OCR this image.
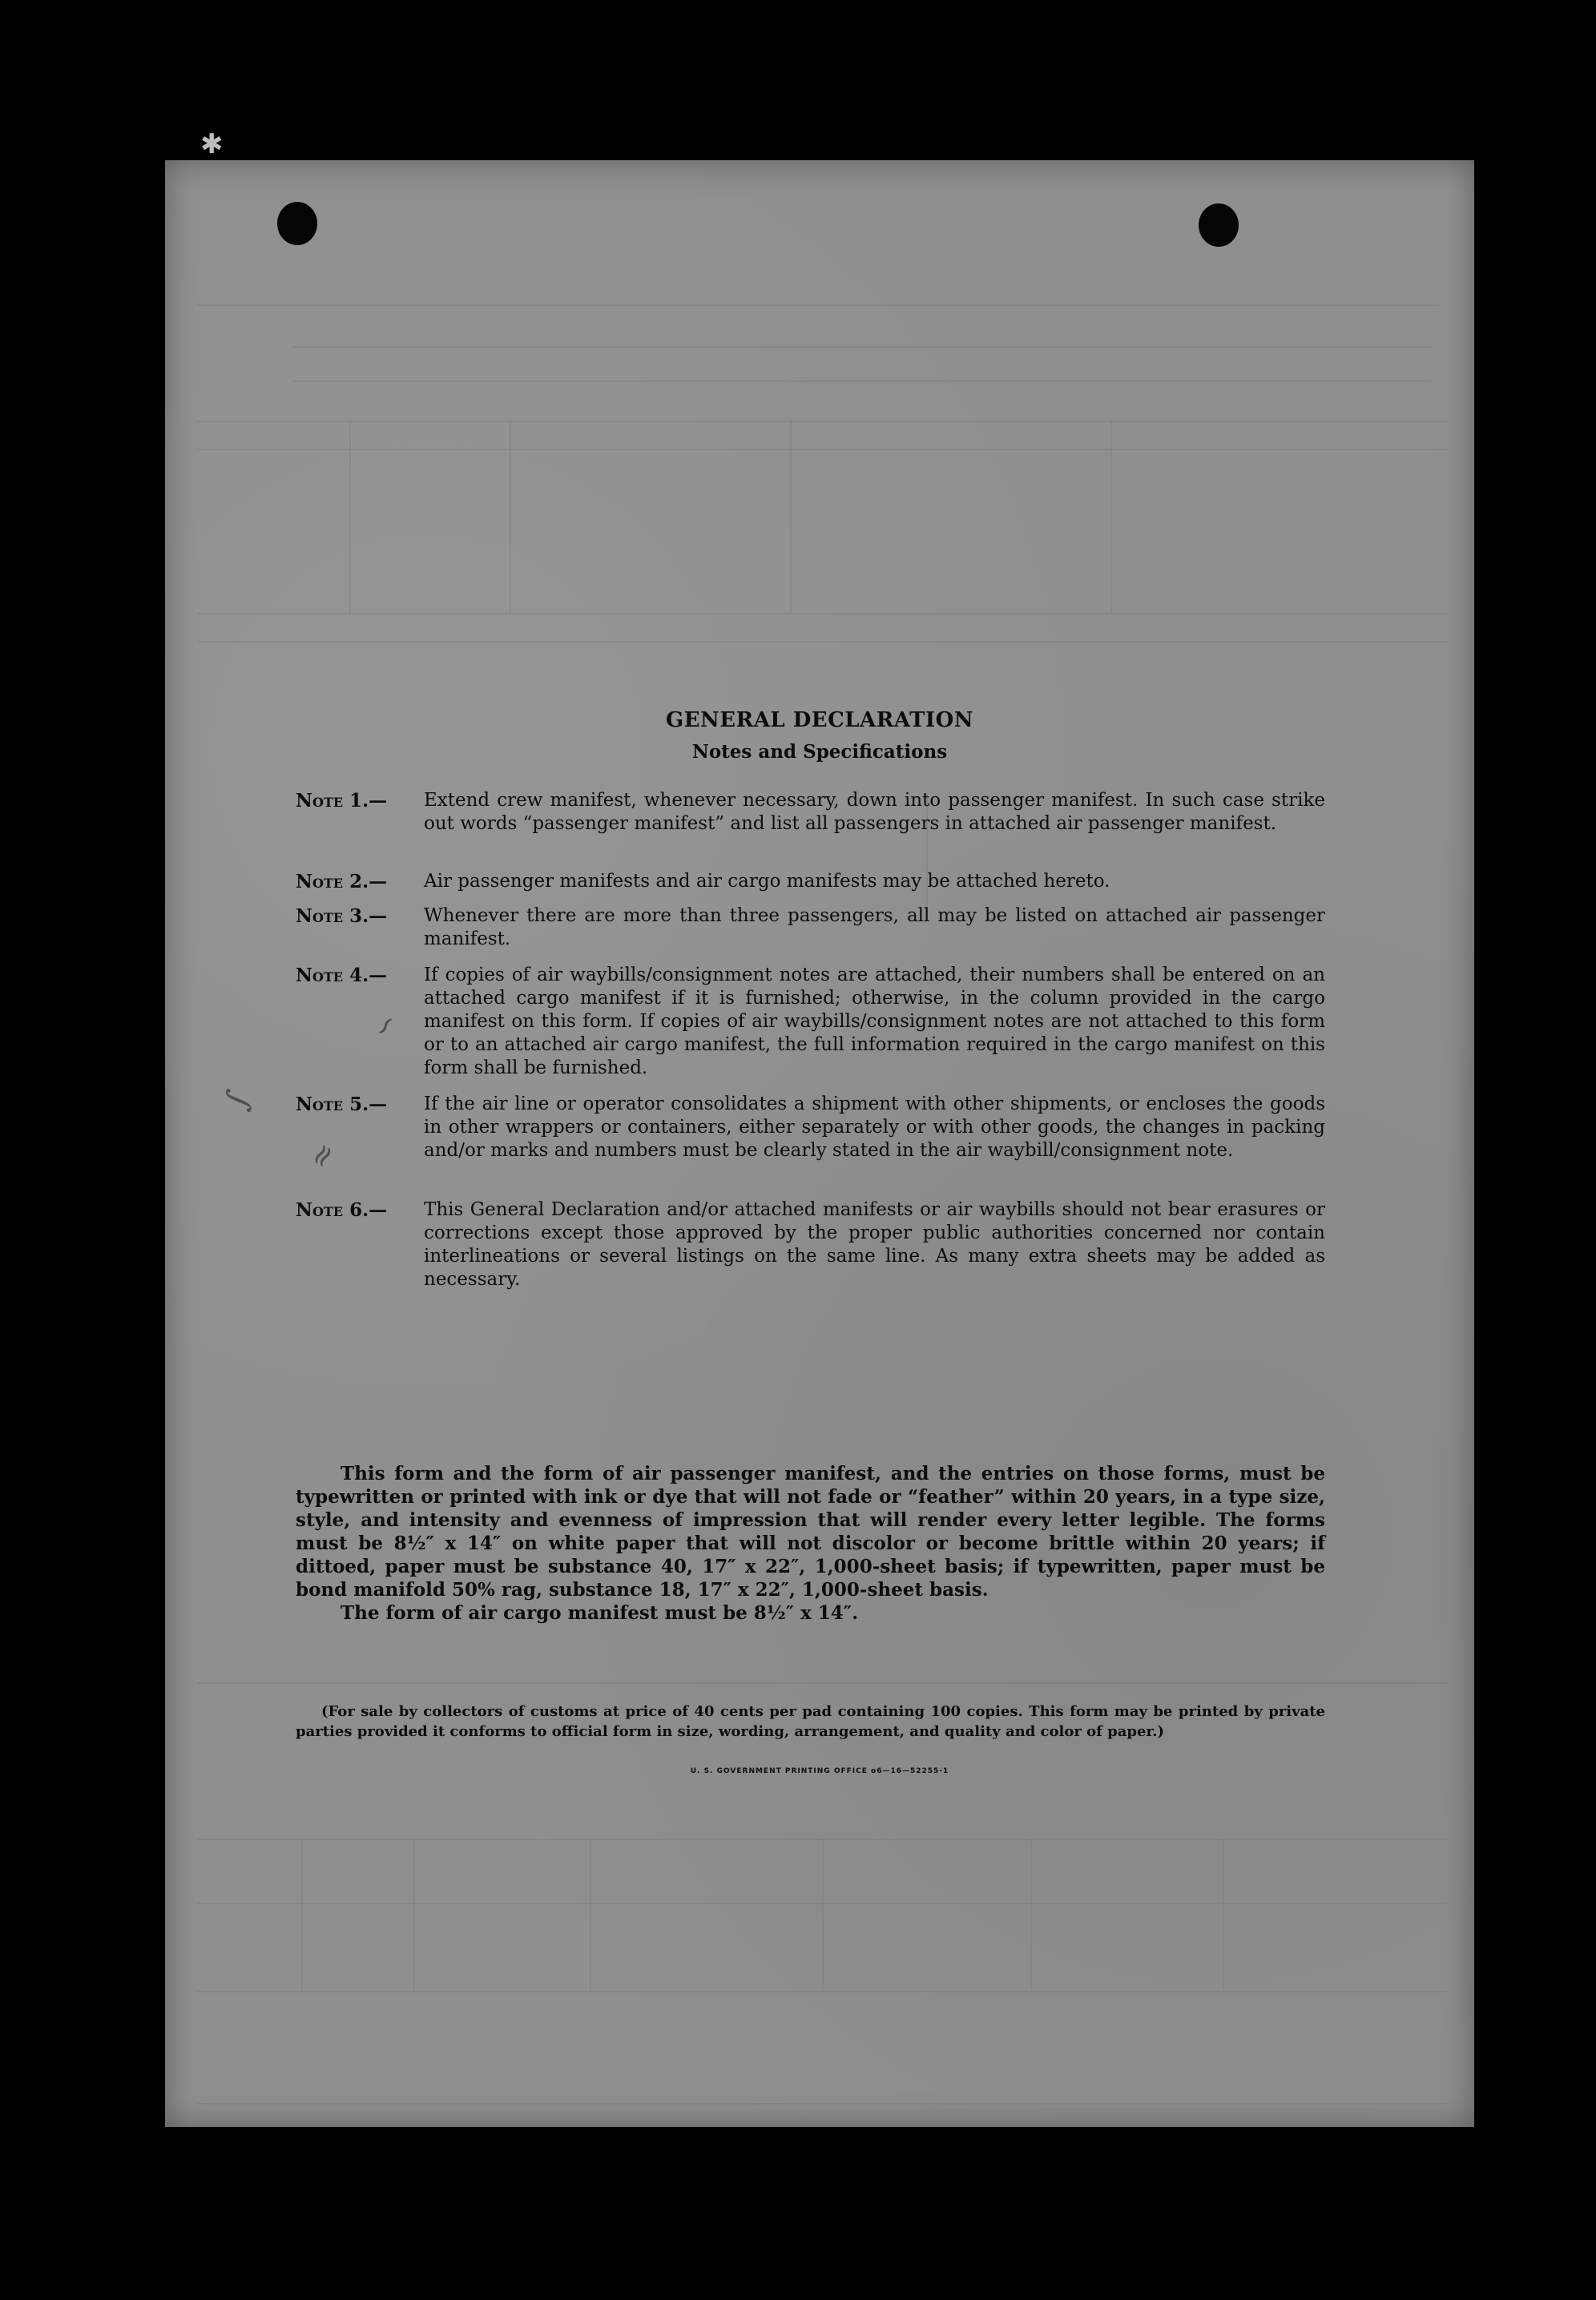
✱
GENERAL DECLARATION
Notes and Specifications
Note 1.—	Extend crew manifest, whenever necessary, down into passenger manifest. In such case strike out words “passenger manifest” and list all passengers in attached air passenger manifest.
Note 2.—	Air passenger manifests and air cargo manifests may be attached hereto.
Note 3.—	Whenever there are more than three passengers, all may be listed on attached air passenger manifest.
Note 4.—	If copies of air waybills/consignment notes are attached, their numbers shall be entered on an attached cargo manifest if it is furnished; otherwise, in the column provided in the cargo manifest on this form. If copies of air waybills/consignment notes are not attached to this form or to an attached air cargo manifest, the full information required in the cargo manifest on this form shall be furnished.
Note 5.—	If the air line or operator consolidates a shipment with other shipments, or encloses the goods in other wrappers or containers, either separately or with other goods, the changes in packing and/or marks and numbers must be clearly stated in the air waybill/consignment note.
Note 6.—	This General Declaration and/or attached manifests or air waybills should not bear erasures or corrections except those approved by the proper public authorities concerned nor contain interlineations or several listings on the same line. As many extra sheets may be added as necessary.
This form and the form of air passenger manifest, and the entries on those forms, must be typewritten or printed with ink or dye that will not fade or “feather” within 20 years, in a type size, style, and intensity and evenness of impression that will render every letter legible. The forms must be 8½″ x 14″ on white paper that will not discolor or become brittle within 20 years; if dittoed, paper must be substance 40, 17″ x 22″, 1,000-sheet basis; if typewritten, paper must be bond manifold 50% rag, substance 18, 17″ x 22″, 1,000-sheet basis.
The form of air cargo manifest must be 8½″ x 14″.
(For sale by collectors of customs at price of 40 cents per pad containing 100 copies. This form may be printed by private parties provided it conforms to official form in size, wording, arrangement, and quality and color of paper.)
U. S. GOVERNMENT PRINTING OFFICE o6—16—52255-1
∫
≈
∽
